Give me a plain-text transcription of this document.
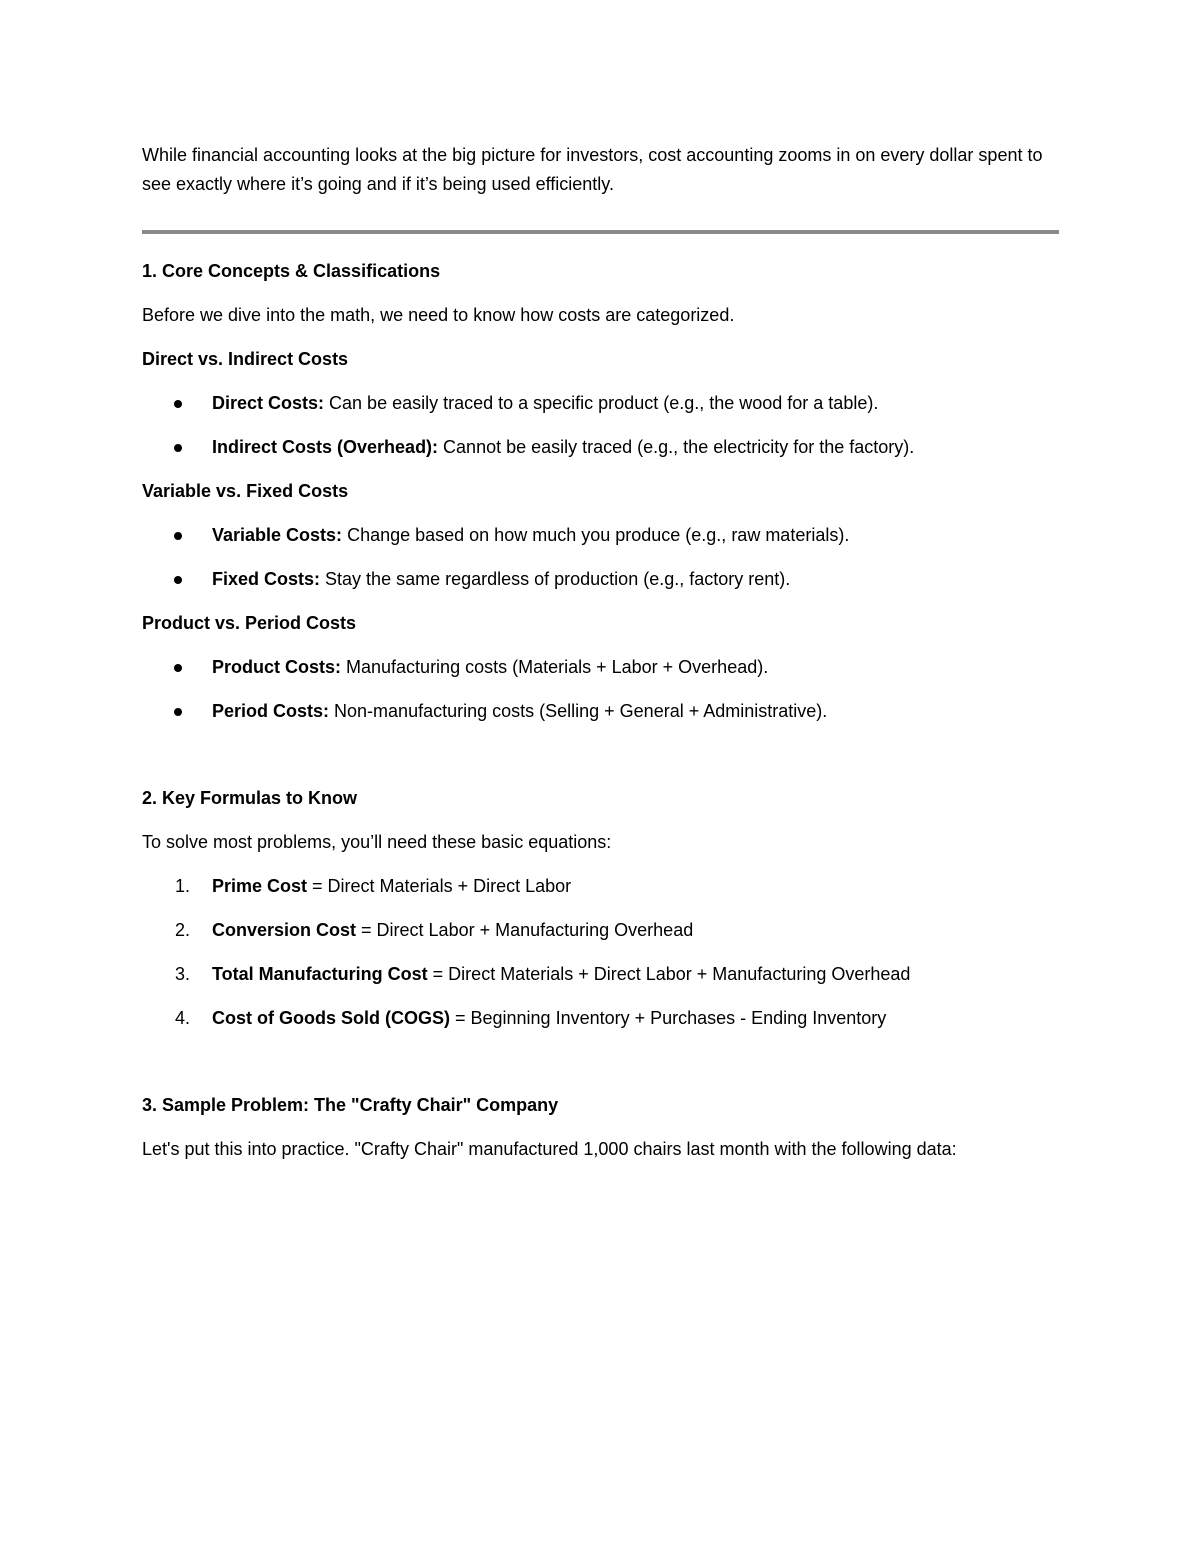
While financial accounting looks at the big picture for investors, cost accounting zooms in on every dollar spent to see exactly where it’s going and if it’s being used efficiently.

1. Core Concepts & Classifications

Before we dive into the math, we need to know how costs are categorized.

Direct vs. Indirect Costs

Direct Costs: Can be easily traced to a specific product (e.g., the wood for a table).
Indirect Costs (Overhead): Cannot be easily traced (e.g., the electricity for the factory).

Variable vs. Fixed Costs

Variable Costs: Change based on how much you produce (e.g., raw materials).
Fixed Costs: Stay the same regardless of production (e.g., factory rent).

Product vs. Period Costs

Product Costs: Manufacturing costs (Materials + Labor + Overhead).
Period Costs: Non-manufacturing costs (Selling + General + Administrative).

2. Key Formulas to Know

To solve most problems, you’ll need these basic equations:

1. Prime Cost = Direct Materials + Direct Labor
2. Conversion Cost = Direct Labor + Manufacturing Overhead
3. Total Manufacturing Cost = Direct Materials + Direct Labor + Manufacturing Overhead
4. Cost of Goods Sold (COGS) = Beginning Inventory + Purchases - Ending Inventory

3. Sample Problem: The "Crafty Chair" Company

Let's put this into practice. "Crafty Chair" manufactured 1,000 chairs last month with the following data:
